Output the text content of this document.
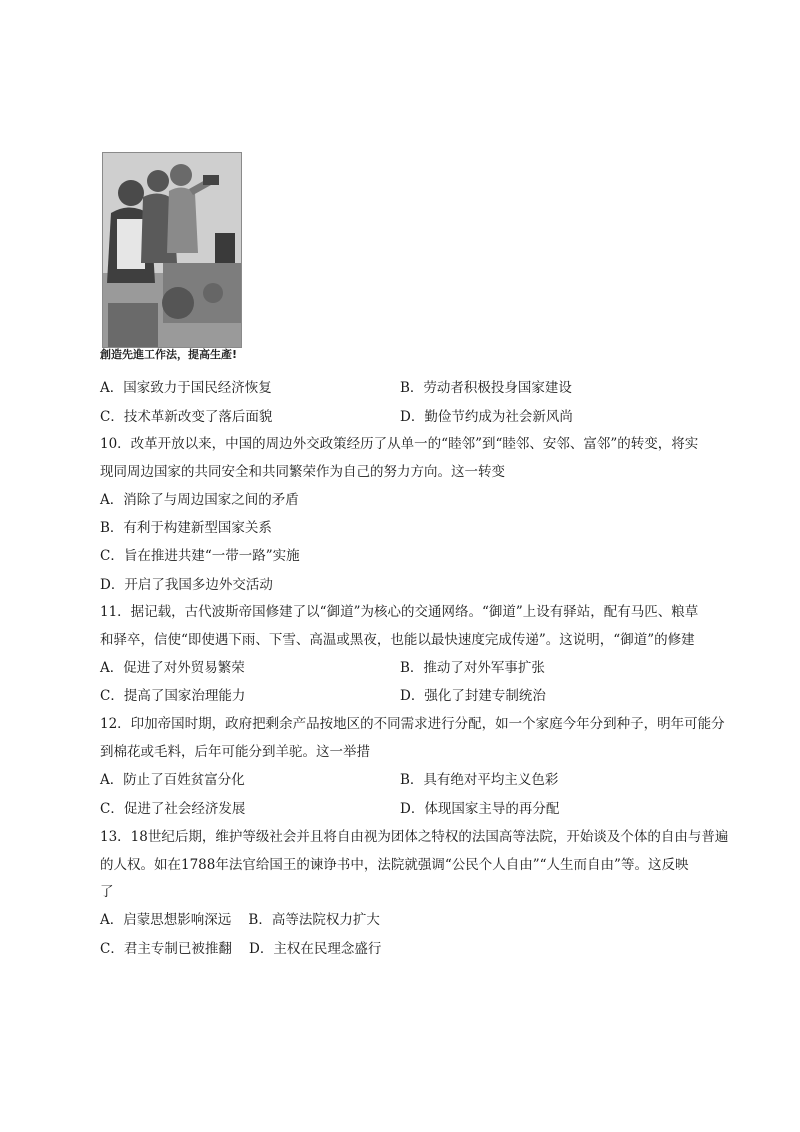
創造先進工作法，提高生產!
A．国家致力于国民经济恢复	B．劳动者积极投身国家建设
C．技术革新改变了落后面貌	D．勤俭节约成为社会新风尚
10．改革开放以来，中国的周边外交政策经历了从单一的“睦邻”到“睦邻、安邻、富邻”的转变，将实
现同周边国家的共同安全和共同繁荣作为自己的努力方向。这一转变
A．消除了与周边国家之间的矛盾
B．有利于构建新型国家关系
C．旨在推进共建“一带一路”实施
D．开启了我国多边外交活动
11．据记载，古代波斯帝国修建了以“御道”为核心的交通网络。“御道”上设有驿站，配有马匹、粮草
和驿卒，信使“即使遇下雨、下雪、高温或黑夜，也能以最快速度完成传递”。这说明，“御道”的修建
A．促进了对外贸易繁荣	B．推动了对外军事扩张
C．提高了国家治理能力	D．强化了封建专制统治
12．印加帝国时期，政府把剩余产品按地区的不同需求进行分配，如一个家庭今年分到种子，明年可能分
到棉花或毛料，后年可能分到羊驼。这一举措
A．防止了百姓贫富分化	B．具有绝对平均主义色彩
C．促进了社会经济发展	D．体现国家主导的再分配
13．18世纪后期，维护等级社会并且将自由视为团体之特权的法国高等法院，开始谈及个体的自由与普遍
的人权。如在1788年法官给国王的谏诤书中，法院就强调“公民个人自由”“人生而自由”等。这反映
了
A．启蒙思想影响深远    B．高等法院权力扩大
C．君主专制已被推翻    D．主权在民理念盛行
